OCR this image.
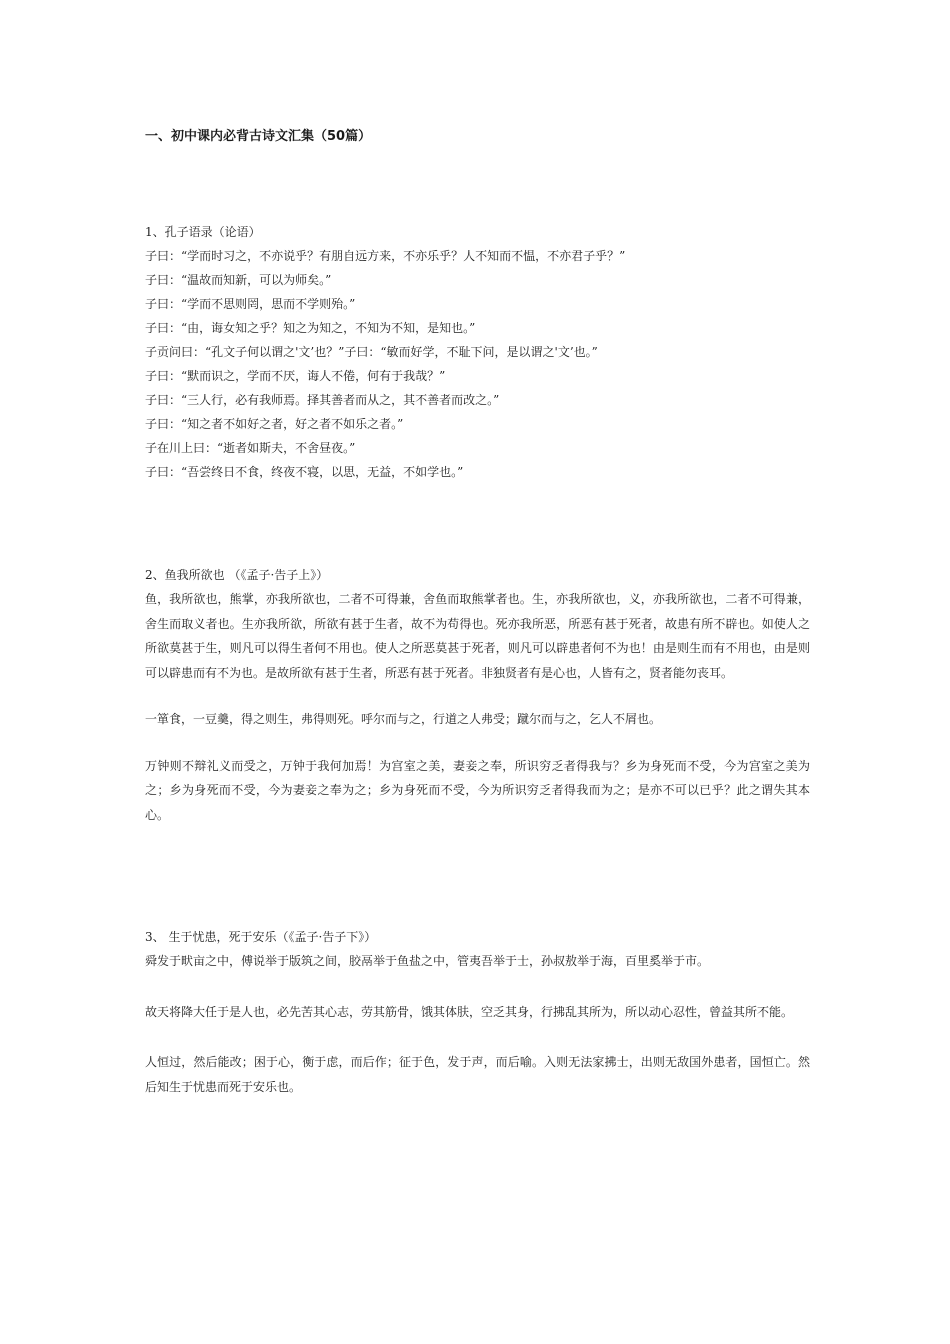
一、初中课内必背古诗文汇集（50篇）
1、孔子语录（论语）
子曰：“学而时习之，不亦说乎？有朋自远方来，不亦乐乎？人不知而不愠，不亦君子乎？”
子曰：“温故而知新，可以为师矣。”
子曰：“学而不思则罔，思而不学则殆。”
子曰：“由，诲女知之乎？知之为知之，不知为不知，是知也。”
子贡问曰：“孔文子何以谓之'文’也？”子曰：“敏而好学，不耻下问，是以谓之'文’也。”
子曰：“默而识之，学而不厌，诲人不倦，何有于我哉？”
子曰：“三人行，必有我师焉。择其善者而从之，其不善者而改之。”
子曰：“知之者不如好之者，好之者不如乐之者。”
子在川上曰：“逝者如斯夫，不舍昼夜。”
子曰：“吾尝终日不食，终夜不寝，以思，无益，不如学也。”
2、鱼我所欲也 （《孟子·告子上》）

鱼，我所欲也，熊掌，亦我所欲也，二者不可得兼，舍鱼而取熊掌者也。生，亦我所欲也，义，亦我所欲也，二者不可得兼，舍生而取义者也。生亦我所欲，所欲有甚于生者，故不为苟得也。死亦我所恶，所恶有甚于死者，故患有所不辟也。如使人之所欲莫甚于生，则凡可以得生者何不用也。使人之所恶莫甚于死者，则凡可以辟患者何不为也！由是则生而有不用也，由是则可以辟患而有不为也。是故所欲有甚于生者，所恶有甚于死者。非独贤者有是心也，人皆有之，贤者能勿丧耳。

一箪食，一豆羹，得之则生，弗得则死。呼尔而与之，行道之人弗受；蹴尔而与之，乞人不屑也。

万钟则不辩礼义而受之，万钟于我何加焉！为宫室之美，妻妾之奉，所识穷乏者得我与？乡为身死而不受，今为宫室之美为之；乡为身死而不受，今为妻妾之奉为之；乡为身死而不受，今为所识穷乏者得我而为之；是亦不可以已乎？此之谓失其本心。

3、 生于忧患，死于安乐（《孟子·告子下》）

舜发于畎亩之中，傅说举于版筑之间，胶鬲举于鱼盐之中，管夷吾举于士，孙叔敖举于海，百里奚举于市。

故天将降大任于是人也，必先苦其心志，劳其筋骨，饿其体肤，空乏其身，行拂乱其所为，所以动心忍性，曾益其所不能。

人恒过，然后能改；困于心，衡于虑，而后作；征于色，发于声，而后喻。入则无法家拂士，出则无敌国外患者，国恒亡。然后知生于忧患而死于安乐也。
